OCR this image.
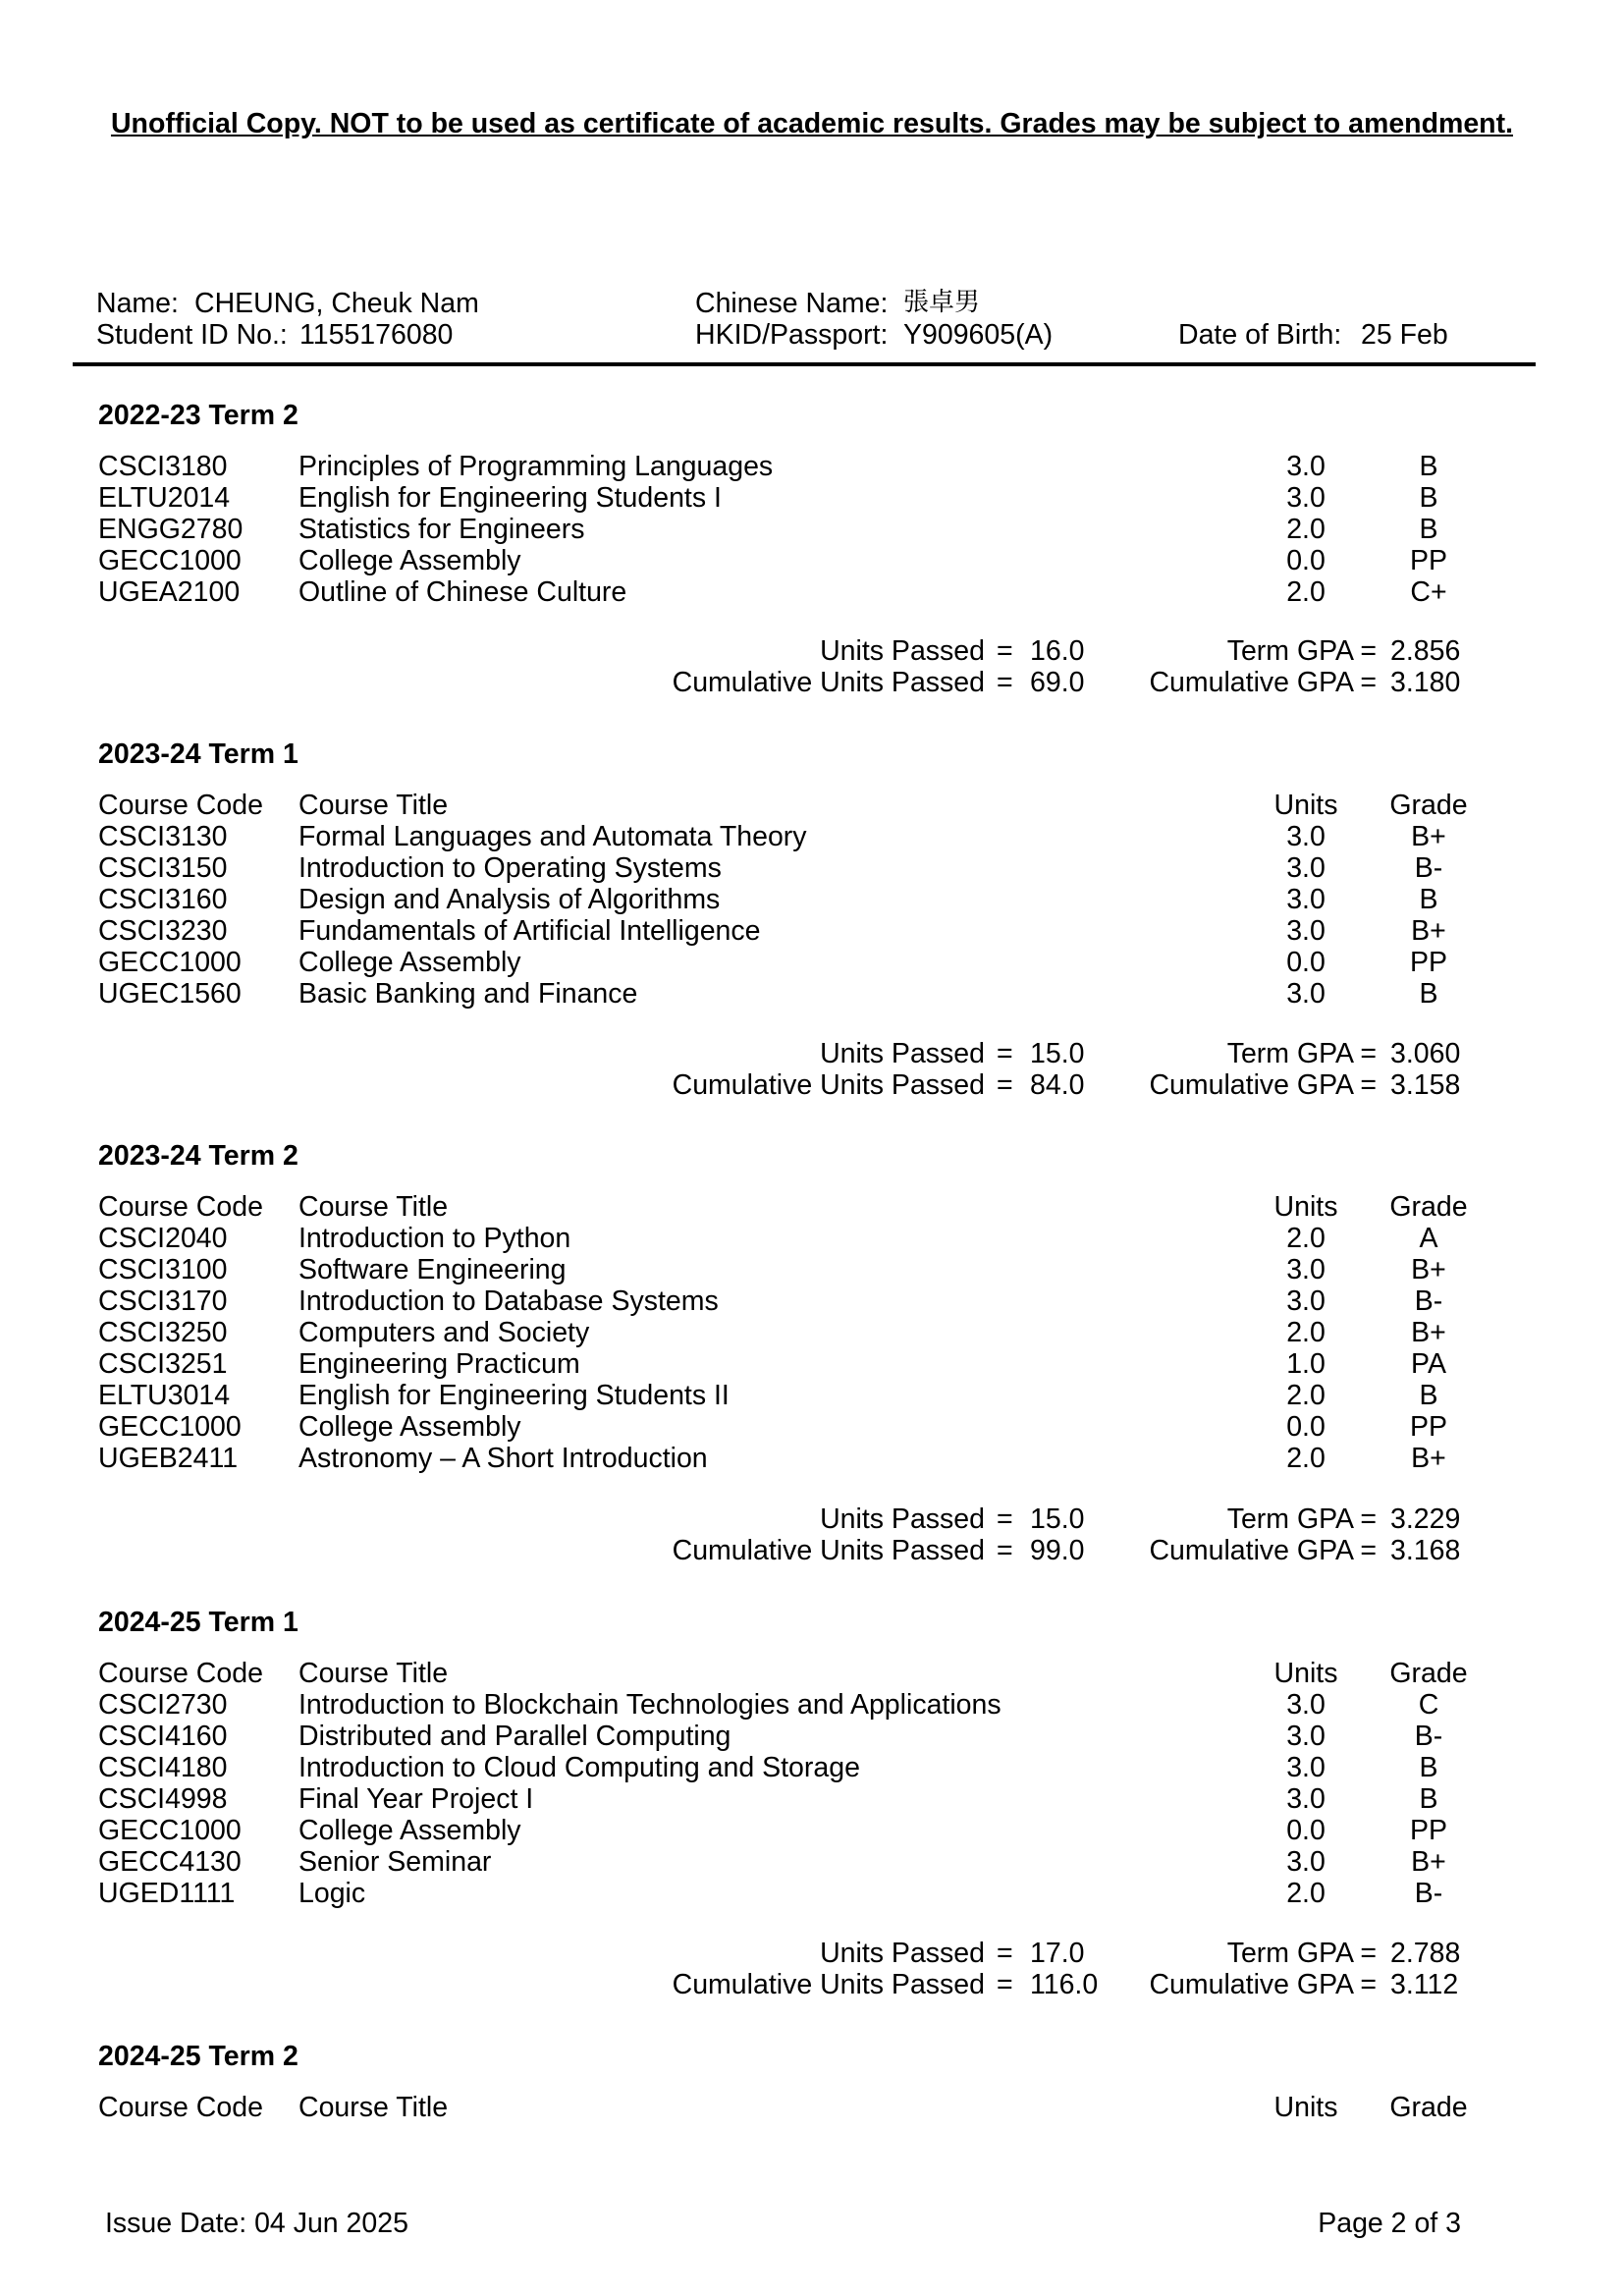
Unofficial Copy. NOT to be used as certificate of academic results. Grades may be subject to amendment.
Name: CHEUNG, Cheuk Nam
Student ID No.: 1155176080
Chinese Name: 張卓男
HKID/Passport: Y909605(A)	Date of Birth: 25 Feb
2022-23 Term 2
CSCI3180	Principles of Programming Languages	3.0	B
ELTU2014 English for Engineering Students I	3.0	B
ENGG2780 Statistics for Engineers	2.0	B
GECC1000 College Assembly	0.0	PP
UGEA2100 Outline of Chinese Culture	2.0	C+
Units Passed = 16.0	Term GPA = 2.856
Cumulative Units Passed = 69.0 Cumulative GPA = 3.180
2023-24 Term 1
Course Code Course Title	Units Grade
CSCI3130	Formal Languages and Automata Theory	3.0	B+
CSCI3150	Introduction to Operating Systems	3.0	B-
CSCI3160	Design and Analysis of Algorithms	3.0	B
CSCI3230	Fundamentals of Artificial Intelligence	3.0	B+
GECC1000 College Assembly	0.0	PP
UGEC1560 Basic Banking and Finance	3.0	B
Units Passed = 15.0	Term GPA = 3.060
Cumulative Units Passed = 84.0 Cumulative GPA = 3.158
2023-24 Term 2
Course Code Course Title	Units Grade
CSCI2040	Introduction to Python	2.0	A
CSCI3100	Software Engineering	3.0	B+
CSCI3170	Introduction to Database Systems	3.0	B-
CSCI3250	Computers and Society	2.0	B+
CSCI3251	Engineering Practicum	1.0	PA
ELTU3014 English for Engineering Students II	2.0	B
GECC1000 College Assembly	0.0	PP
UGEB2411 Astronomy – A Short Introduction	2.0	B+
Units Passed = 15.0	Term GPA = 3.229
Cumulative Units Passed = 99.0 Cumulative GPA = 3.168
2024-25 Term 1
Course Code Course Title	Units Grade
CSCI2730	Introduction to Blockchain Technologies and Applications	3.0	C
CSCI4160	Distributed and Parallel Computing	3.0	B-
CSCI4180	Introduction to Cloud Computing and Storage	3.0	B
CSCI4998	Final Year Project I	3.0	B
GECC1000 College Assembly	0.0	PP
GECC4130 Senior Seminar	3.0	B+
UGED1111 Logic	2.0	B-
Units Passed = 17.0	Term GPA = 2.788
Cumulative Units Passed = 116.0 Cumulative GPA = 3.112
2024-25 Term 2
Course Code Course Title	Units Grade
Issue Date: 04 Jun 2025	Page 2 of 3
